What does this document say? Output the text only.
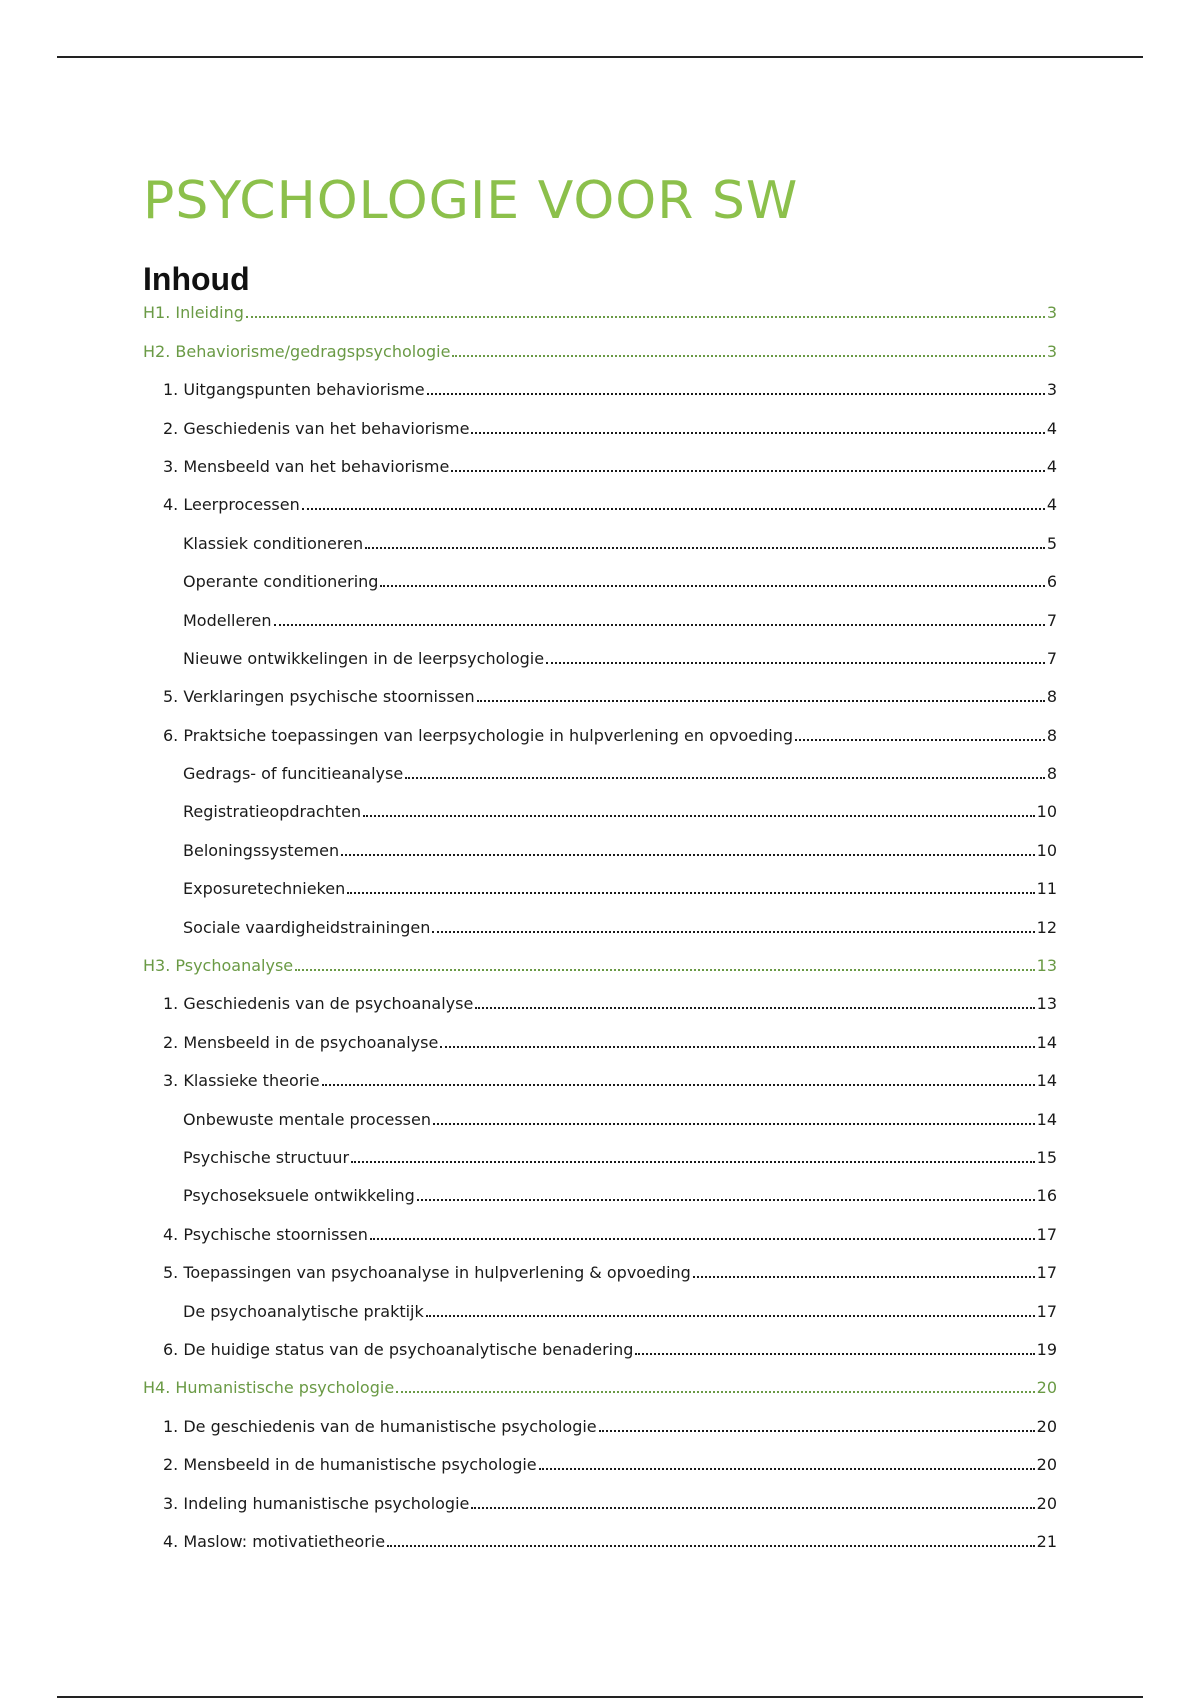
PSYCHOLOGIE VOOR SW
Inhoud
H1. Inleiding	3
H2. Behaviorisme/gedragspsychologie	3
1. Uitgangspunten behaviorisme	3
2. Geschiedenis van het behaviorisme	4
3. Mensbeeld van het behaviorisme	4
4. Leerprocessen	4
Klassiek conditioneren	5
Operante conditionering	6
Modelleren	7
Nieuwe ontwikkelingen in de leerpsychologie	7
5. Verklaringen psychische stoornissen	8
6. Praktsiche toepassingen van leerpsychologie in hulpverlening en opvoeding	8
Gedrags- of funcitieanalyse	8
Registratieopdrachten	10
Beloningssystemen	10
Exposuretechnieken	11
Sociale vaardigheidstrainingen	12
H3. Psychoanalyse	13
1. Geschiedenis van de psychoanalyse	13
2. Mensbeeld in de psychoanalyse	14
3. Klassieke theorie	14
Onbewuste mentale processen	14
Psychische structuur	15
Psychoseksuele ontwikkeling	16
4. Psychische stoornissen	17
5. Toepassingen van psychoanalyse in hulpverlening & opvoeding	17
De psychoanalytische praktijk	17
6. De huidige status van de psychoanalytische benadering	19
H4. Humanistische psychologie	20
1. De geschiedenis van de humanistische psychologie	20
2. Mensbeeld in de humanistische psychologie	20
3. Indeling humanistische psychologie	20
4. Maslow: motivatietheorie	21
